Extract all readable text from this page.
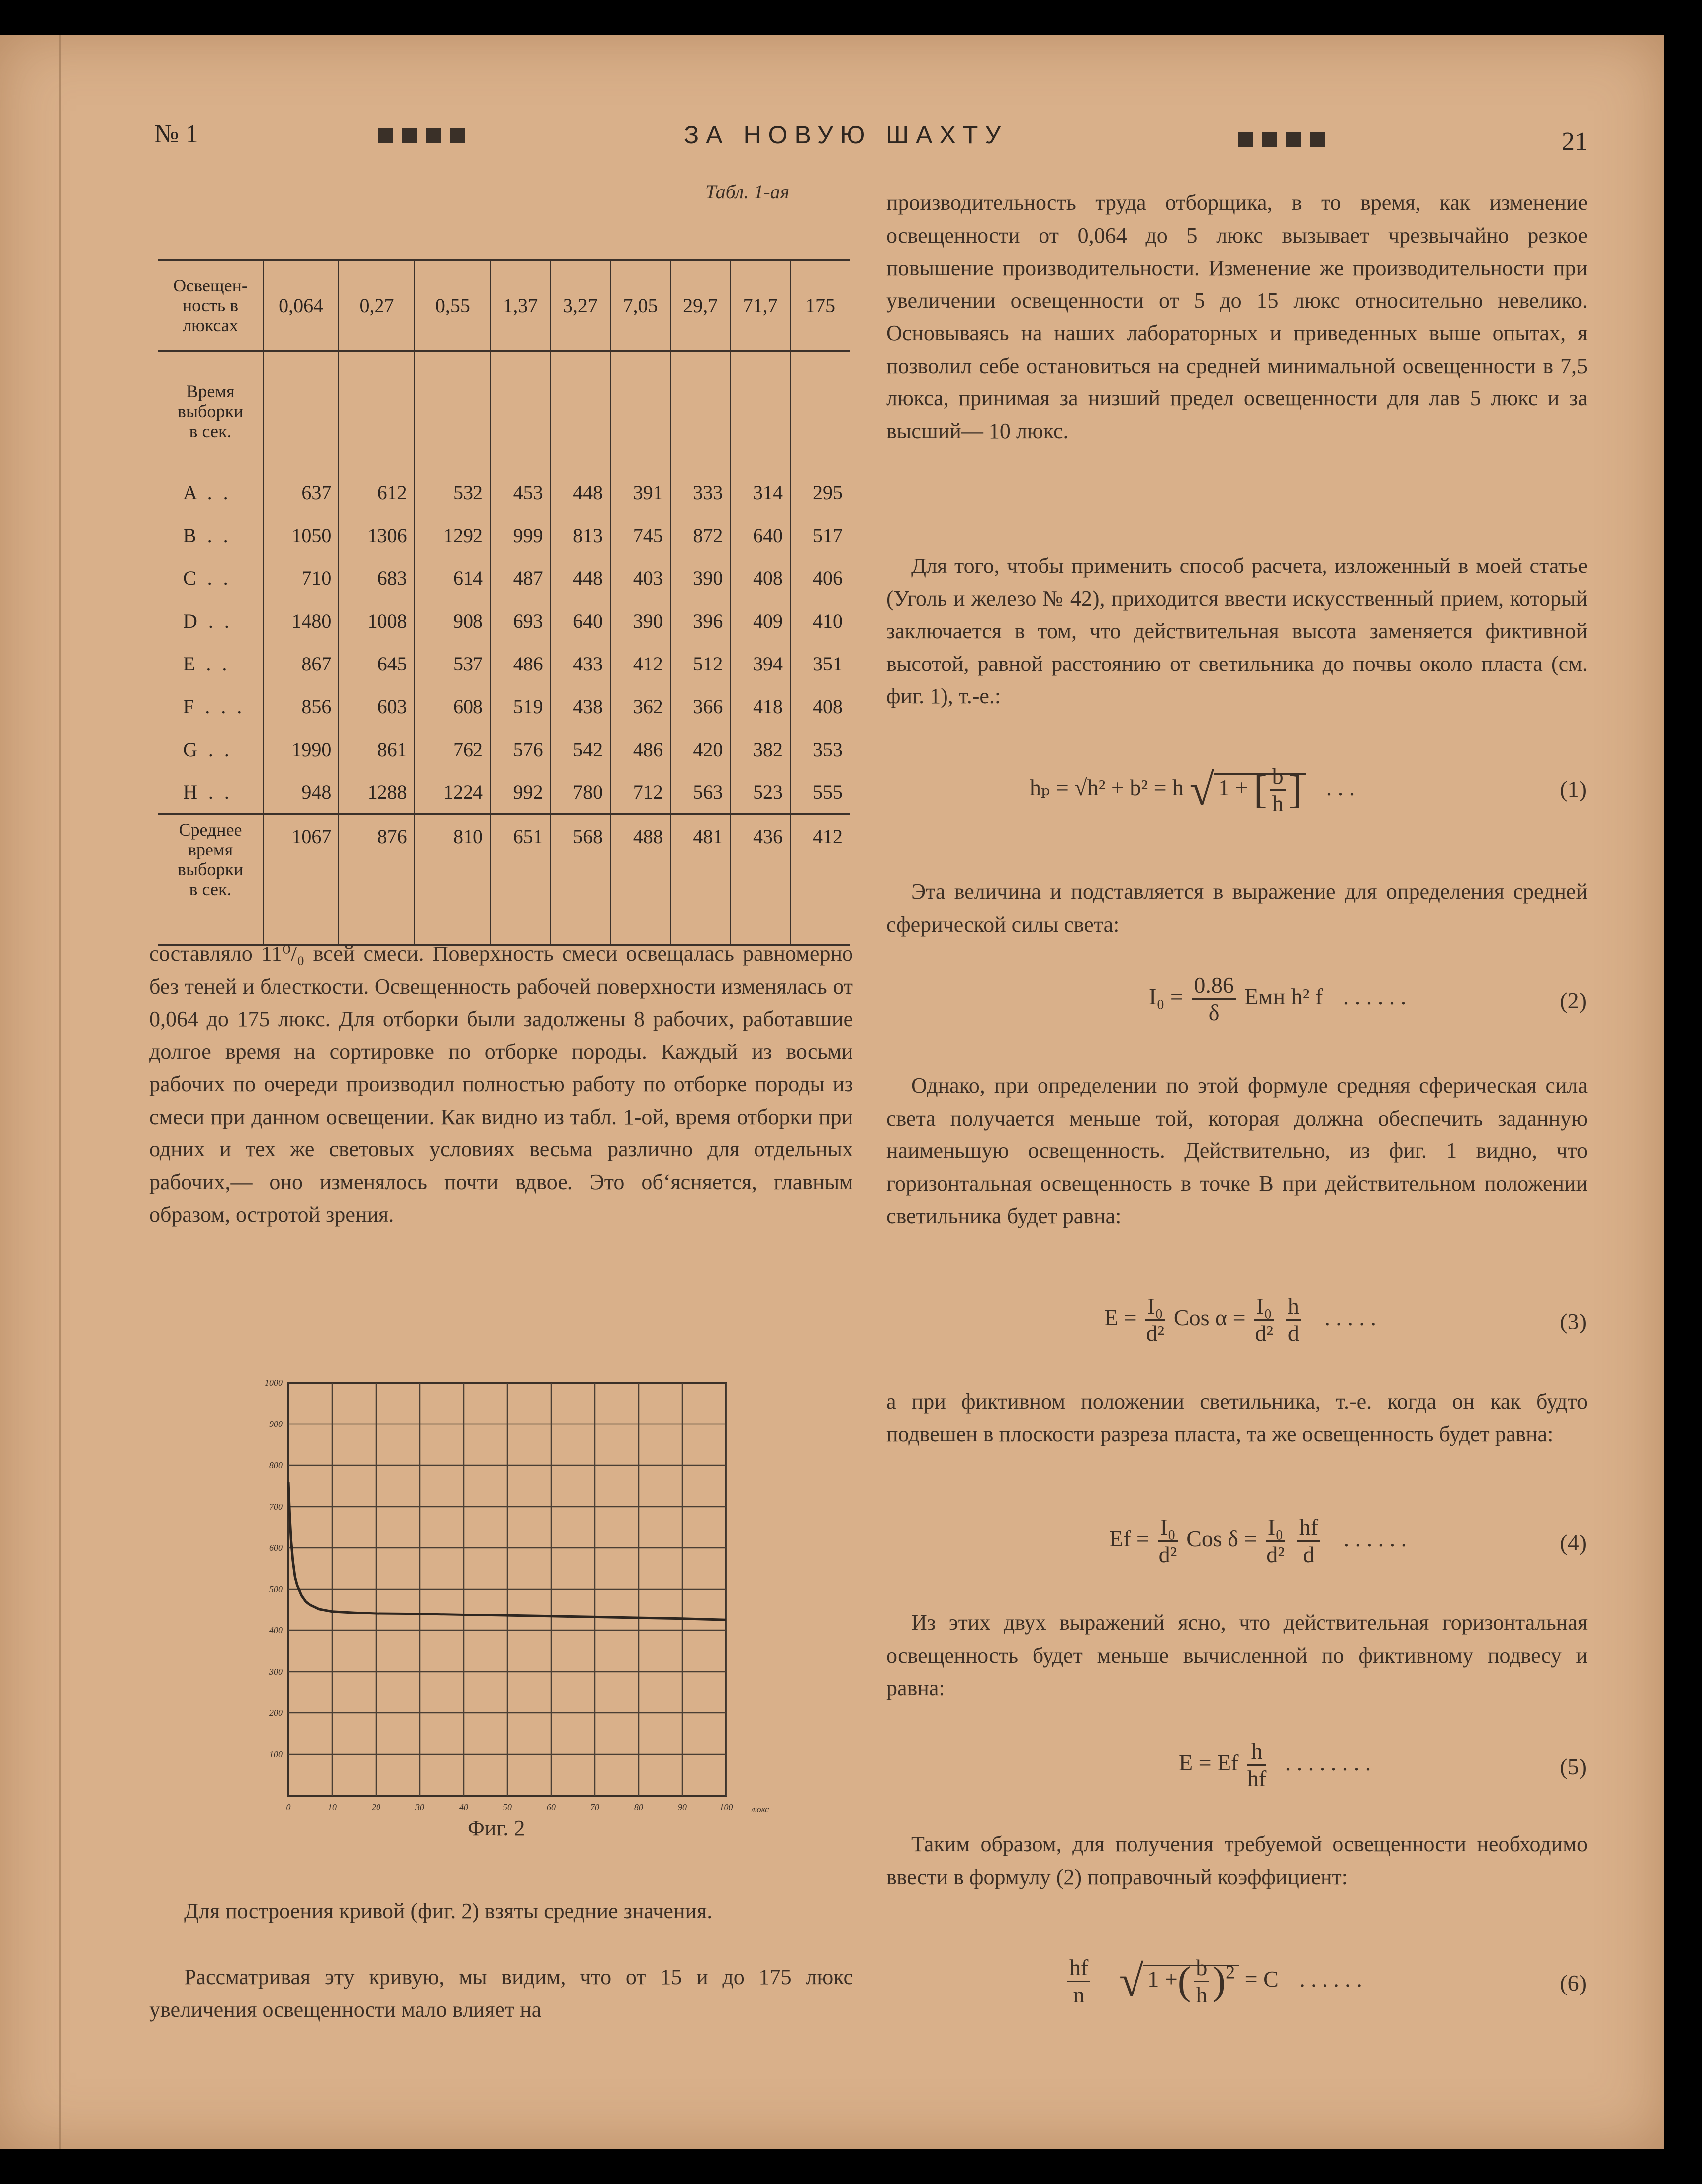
№ 1	ЗА НОВУЮ ШАХТУ	21
Табл. 1-ая
Освещен-
ность в
люксах	0,064	0,27	0,55	1,37	3,27	7,05	29,7	71,7	175

Время
выборки
в сек.									

A . .	637	612	532	453	448	391	333	314	295
B . .	1050	1306	1292	999	813	745	872	640	517
C . .	710	683	614	487	448	403	390	408	406
D . .	1480	1008	908	693	640	390	396	409	410
E . .	867	645	537	486	433	412	512	394	351
F . . .	856	603	608	519	438	362	366	418	408
G . .	1990	861	762	576	542	486	420	382	353
H . .	948	1288	1224	992	780	712	563	523	555

Среднее
время
выборки
в сек.	1067	876	810	651	568	488	481	436	412
составляло 11⁰/₀ всей смеси. Поверхность смеси освещалась равномерно без теней и блесткости. Освещенность рабочей поверхности изменялась от 0,064 до 175 люкс. Для отборки были задолжены 8 рабочих, работавшие долгое время на сортировке по отборке породы. Каждый из восьми рабочих по очереди производил полностью работу по отборке породы из смеси при данном освещении. Как видно из табл. 1-ой, время отборки при одних и тех же световых условиях весьма различно для отдельных рабочих,— оно изменялось почти вдвое. Это об‘ясняется, главным образом, остротой зрения.
100
200
300
400
500
600
700
800
900
1000
0	10	20	30	40	50	60	70	80	90	100 люкс
Фиг. 2
Для построения кривой (фиг. 2) взяты средние значения.
Рассматривая эту кривую, мы видим, что от 15 и до 175 люкс увеличения освещенности мало влияет на
производительность труда отборщика, в то время, как изменение освещенности от 0,064 до 5 люкс вызывает чрезвычайно резкое повышение производительности. Изменение же производительности при увеличении освещенности от 5 до 15 люкс относительно невелико. Основываясь на наших лабораторных и приведенных выше опытах, я позволил себе остановиться на средней минимальной освещенности в 7,5 люкса, принимая за низший предел освещенности для лав 5 люкс и за высший— 10 люкс.
Для того, чтобы применить способ расчета, изложенный в моей статье (Уголь и железо № 42), приходится ввести искусственный прием, который заключается в том, что действительная высота заменяется фиктивной высотой, равной расстоянию от светильника до почвы около пласта (см. фиг. 1), т.-е.:
hₚ = √h² + b² = h √ 1 + [ $\frac{b}{h}$ ] . . .	(1)
Эта величина и подставляется в выражение для определения средней сферической силы света:
$I_0 = \frac{0.86}{\delta}$ Eмн h² f . . . . . .	(2)
Однако, при определении по этой формуле средняя сферическая сила света получается меньше той, которая должна обеспечить заданную наименьшую освещенность. Действительно, из фиг. 1 видно, что горизонтальная освещенность в точке B при действительном положении светильника будет равна:
$E = \frac{\text{I₀}}{\text{d²}}$ Cos $\alpha = \frac{\text{I₀}}{\text{d²}}$
$\frac{h}{d}$ . . . . .	(3)
а при фиктивном положении светильника, т.-е. когда он как будто подвешен в плоскости разреза пласта, та же освещенность будет равна:
$Ef = \frac{\text{I₀}}{\text{d²}}$ Cos $\delta = \frac{\text{I₀}}{\text{d²}}$
$\frac{hf}{d}$ . . . . . .	(4)
Из этих двух выражений ясно, что действительная горизонтальная освещенность будет меньше вычисленной по фиктивному подвесу и равна:
E = Ef $\frac{h}{hf}$ . . . . . . . .	(5)
Таким образом, для получения требуемой освещенности необходимо ввести в формулу (2) поправочный коэффициент:
$\frac{hf}{n}$ √ 1 +( $\frac{b}{h} )^2 = C$ . . . . . .	(6)
